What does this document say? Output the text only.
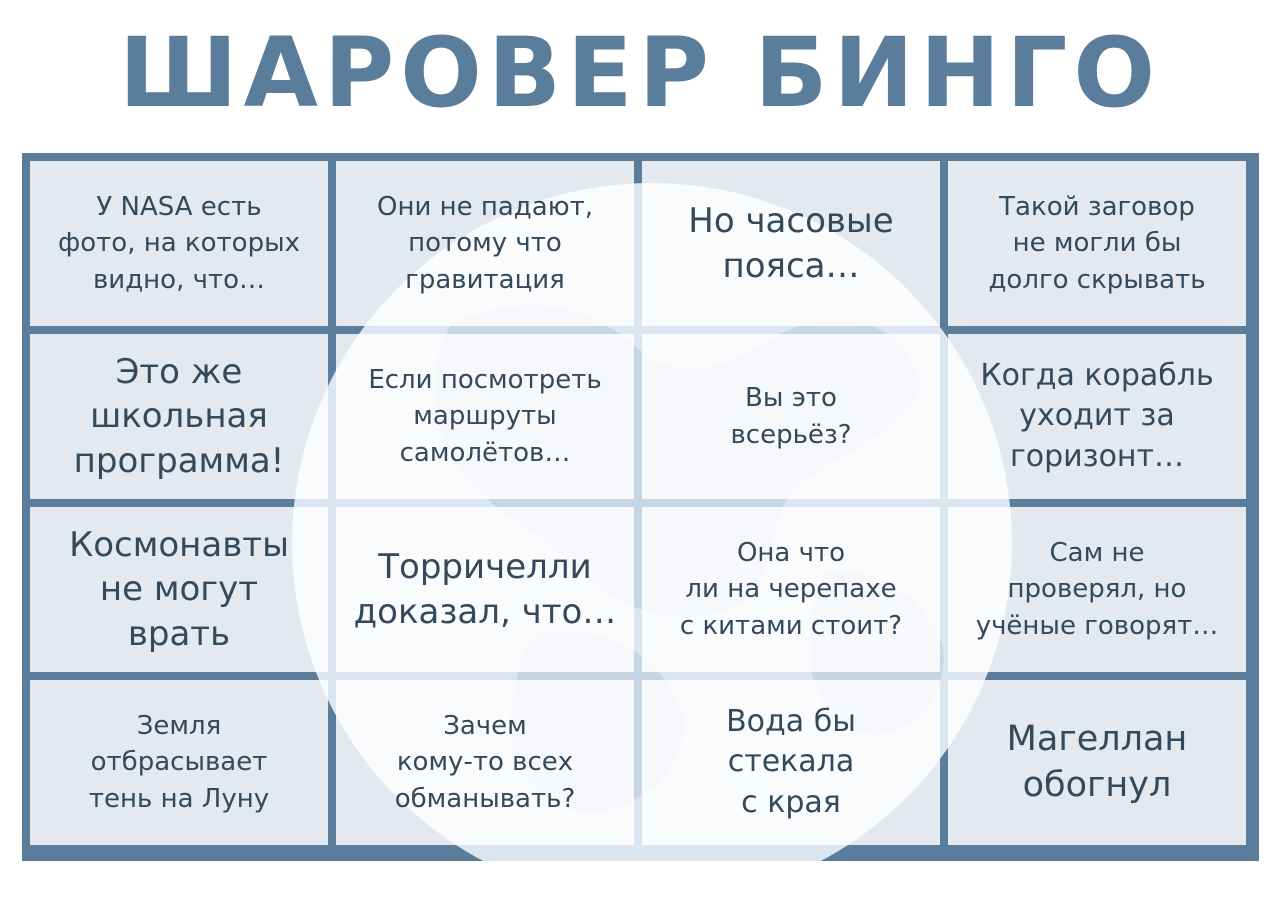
ШАРОВЕР БИНГО
У NASA есть
фото, на которых
видно, что…
Они не падают,
потому что
гравитация
Но часовые
пояса…
Такой заговор
не могли бы
долго скрывать
Это же
школьная
программа!
Если посмотреть
маршруты
самолётов…
Вы это
всерьёз?
Когда корабль
уходит за
горизонт…
Космонавты
не могут
врать
Торричелли
доказал, что…
Она что
ли на черепахе
с китами стоит?
Сам не
проверял, но
учёные говорят…
Земля
отбрасывает
тень на Луну
Зачем
кому-то всех
обманывать?
Вода бы
стекала
с края
Магеллан
обогнул
